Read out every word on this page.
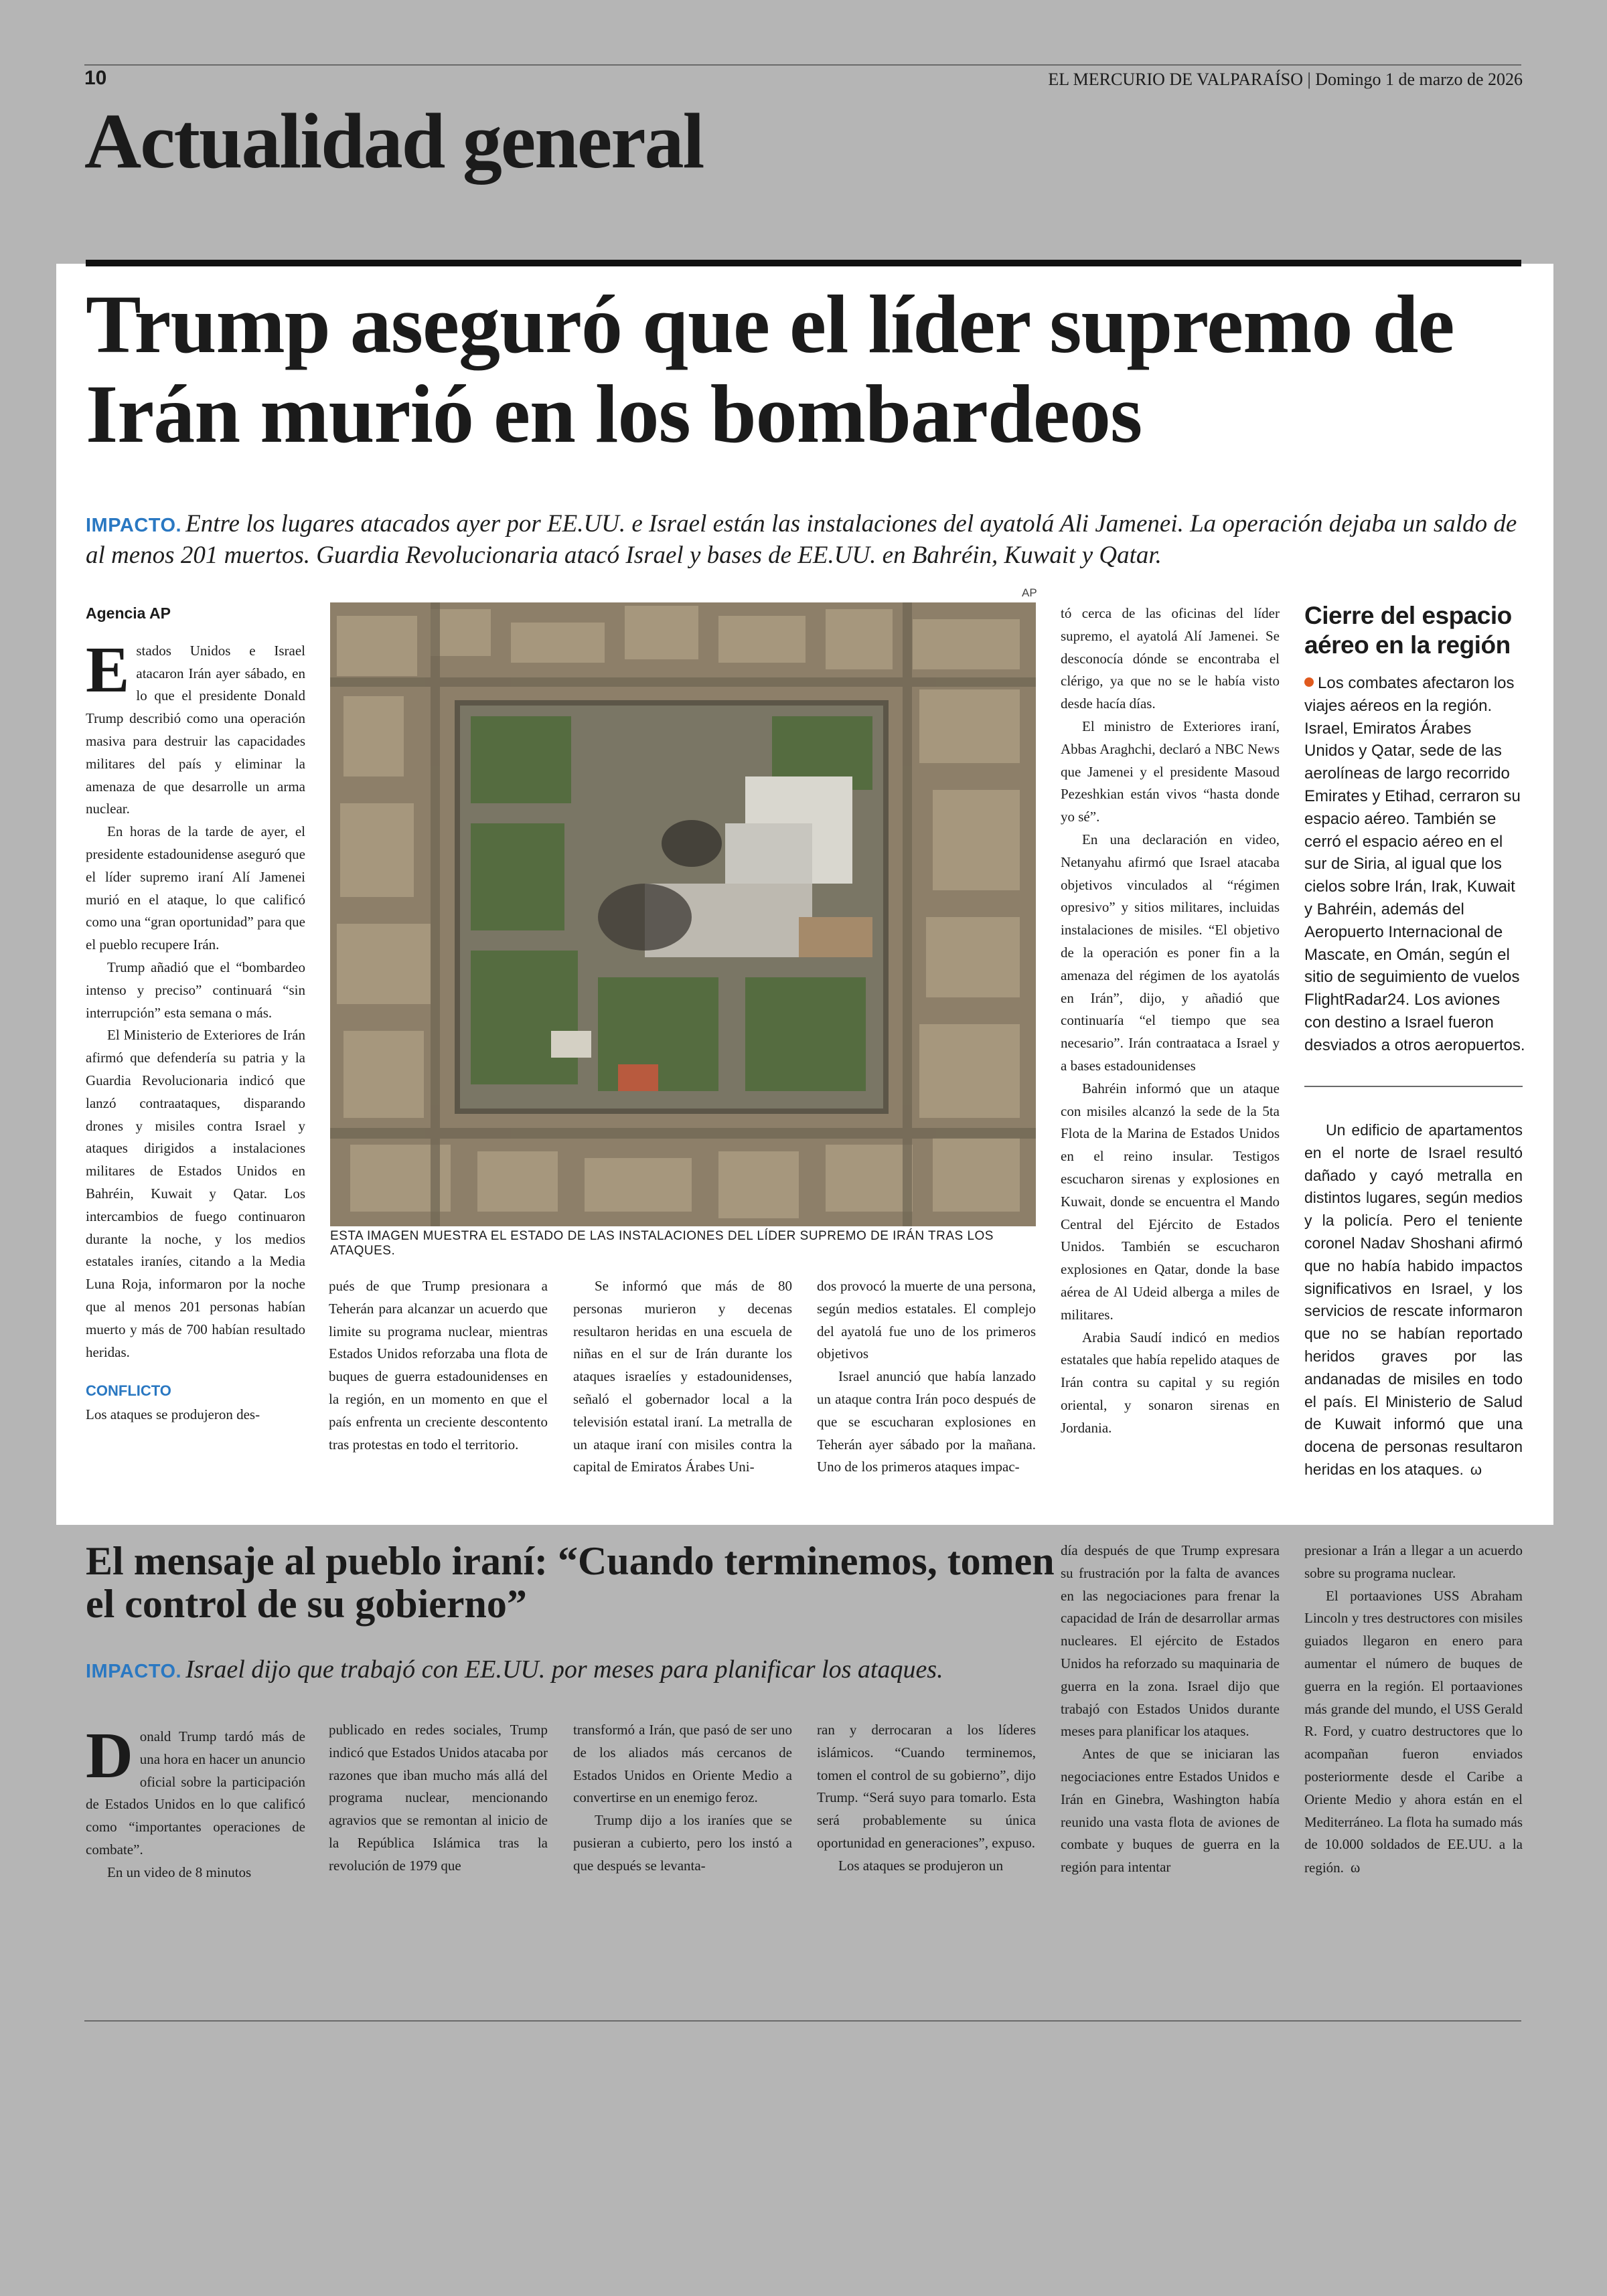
10	EL MERCURIO DE VALPARAÍSO | Domingo 1 de marzo de 2026
Actualidad general
Trump aseguró que el líder supremo de Irán murió en los bombardeos
IMPACTO. Entre los lugares atacados ayer por EE.UU. e Israel están las instalaciones del ayatolá Ali Jamenei. La operación dejaba un saldo de al menos 201 muertos. Guardia Revolucionaria atacó Israel y bases de EE.UU. en Bahréin, Kuwait y Qatar.
Agencia AP

Estados Unidos e Israel atacaron Irán ayer sábado, en lo que el presidente Donald Trump describió como una operación masiva para destruir las capacidades militares del país y eliminar la amenaza de que desarrolle un arma nuclear.

En horas de la tarde de ayer, el presidente estadounidense aseguró que el líder supremo iraní Alí Jamenei murió en el ataque, lo que calificó como una “gran oportunidad” para que el pueblo recupere Irán.

Trump añadió que el “bombardeo intenso y preciso” continuará “sin interrupción” esta semana o más.

El Ministerio de Exteriores de Irán afirmó que defendería su patria y la Guardia Revolucionaria indicó que lanzó contraataques, disparando drones y misiles contra Israel y ataques dirigidos a instalaciones militares de Estados Unidos en Bahréin, Kuwait y Qatar. Los intercambios de fuego continuaron durante la noche, y los medios estatales iraníes, citando a la Media Luna Roja, informaron por la noche que al menos 201 personas habían muerto y más de 700 habían resultado heridas.

CONFLICTO

Los ataques se produjeron des-

AP
ESTA IMAGEN MUESTRA EL ESTADO DE LAS INSTALACIONES DEL LÍDER SUPREMO DE IRÁN TRAS LOS ATAQUES.

pués de que Trump presionara a Teherán para alcanzar un acuerdo que limite su programa nuclear, mientras Estados Unidos reforzaba una flota de buques de guerra estadounidenses en la región, en un momento en que el país enfrenta un creciente descontento tras protestas en todo el territorio.

Se informó que más de 80 personas murieron y decenas resultaron heridas en una escuela de niñas en el sur de Irán durante los ataques israelíes y estadounidenses, señaló el gobernador local a la televisión estatal iraní. La metralla de un ataque iraní con misiles contra la capital de Emiratos Árabes Uni-

dos provocó la muerte de una persona, según medios estatales. El complejo del ayatolá fue uno de los primeros objetivos

Israel anunció que había lanzado un ataque contra Irán poco después de que se escucharan explosiones en Teherán ayer sábado por la mañana. Uno de los primeros ataques impac-

tó cerca de las oficinas del líder supremo, el ayatolá Alí Jamenei. Se desconocía dónde se encontraba el clérigo, ya que no se le había visto desde hacía días.

El ministro de Exteriores iraní, Abbas Araghchi, declaró a NBC News que Jamenei y el presidente Masoud Pezeshkian están vivos “hasta donde yo sé”.

En una declaración en video, Netanyahu afirmó que Israel atacaba objetivos vinculados al “régimen opresivo” y sitios militares, incluidas instalaciones de misiles. “El objetivo de la operación es poner fin a la amenaza del régimen de los ayatolás en Irán”, dijo, y añadió que continuaría “el tiempo que sea necesario”. Irán contraataca a Israel y a bases estadounidenses

Bahréin informó que un ataque con misiles alcanzó la sede de la 5ta Flota de la Marina de Estados Unidos en el reino insular. Testigos escucharon sirenas y explosiones en Kuwait, donde se encuentra el Mando Central del Ejército de Estados Unidos. También se escucharon explosiones en Qatar, donde la base aérea de Al Udeid alberga a miles de militares.

Arabia Saudí indicó en medios estatales que había repelido ataques de Irán contra su capital y su región oriental, y sonaron sirenas en Jordania.

Cierre del espacio aéreo en la región
Los combates afectaron los viajes aéreos en la región. Israel, Emiratos Árabes Unidos y Qatar, sede de las aerolíneas de largo recorrido Emirates y Etihad, cerraron su espacio aéreo. También se cerró el espacio aéreo en el sur de Siria, al igual que los cielos sobre Irán, Irak, Kuwait y Bahréin, además del Aeropuerto Internacional de Mascate, en Omán, según el sitio de seguimiento de vuelos FlightRadar24. Los aviones con destino a Israel fueron desviados a otros aeropuertos.

Un edificio de apartamentos en el norte de Israel resultó dañado y cayó metralla en distintos lugares, según medios y la policía. Pero el teniente coronel Nadav Shoshani afirmó que no había habido impactos significativos en Israel, y los servicios de rescate informaron que no se habían reportado heridos graves por las andanadas de misiles en todo el país. El Ministerio de Salud de Kuwait informó que una docena de personas resultaron heridas en los ataques. ω

El mensaje al pueblo iraní: “Cuando terminemos, tomen el control de su gobierno”
IMPACTO. Israel dijo que trabajó con EE.UU. por meses para planificar los ataques.

Donald Trump tardó más de una hora en hacer un anuncio oficial sobre la participación de Estados Unidos en lo que calificó como “importantes operaciones de combate”.

En un video de 8 minutos

publicado en redes sociales, Trump indicó que Estados Unidos atacaba por razones que iban mucho más allá del programa nuclear, mencionando agravios que se remontan al inicio de la República Islámica tras la revolución de 1979 que

transformó a Irán, que pasó de ser uno de los aliados más cercanos de Estados Unidos en Oriente Medio a convertirse en un enemigo feroz.

Trump dijo a los iraníes que se pusieran a cubierto, pero los instó a que después se levanta-

ran y derrocaran a los líderes islámicos. “Cuando terminemos, tomen el control de su gobierno”, dijo Trump. “Será suyo para tomarlo. Esta será probablemente su única oportunidad en generaciones”, expuso.

Los ataques se produjeron un

día después de que Trump expresara su frustración por la falta de avances en las negociaciones para frenar la capacidad de Irán de desarrollar armas nucleares. El ejército de Estados Unidos ha reforzado su maquinaria de guerra en la zona. Israel dijo que trabajó con Estados Unidos durante meses para planificar los ataques.

Antes de que se iniciaran las negociaciones entre Estados Unidos e Irán en Ginebra, Washington había reunido una vasta flota de aviones de combate y buques de guerra en la región para intentar

presionar a Irán a llegar a un acuerdo sobre su programa nuclear.

El portaaviones USS Abraham Lincoln y tres destructores con misiles guiados llegaron en enero para aumentar el número de buques de guerra en la región. El portaaviones más grande del mundo, el USS Gerald R. Ford, y cuatro destructores que lo acompañan fueron enviados posteriormente desde el Caribe a Oriente Medio y ahora están en el Mediterráneo. La flota ha sumado más de 10.000 soldados de EE.UU. a la región. ω
